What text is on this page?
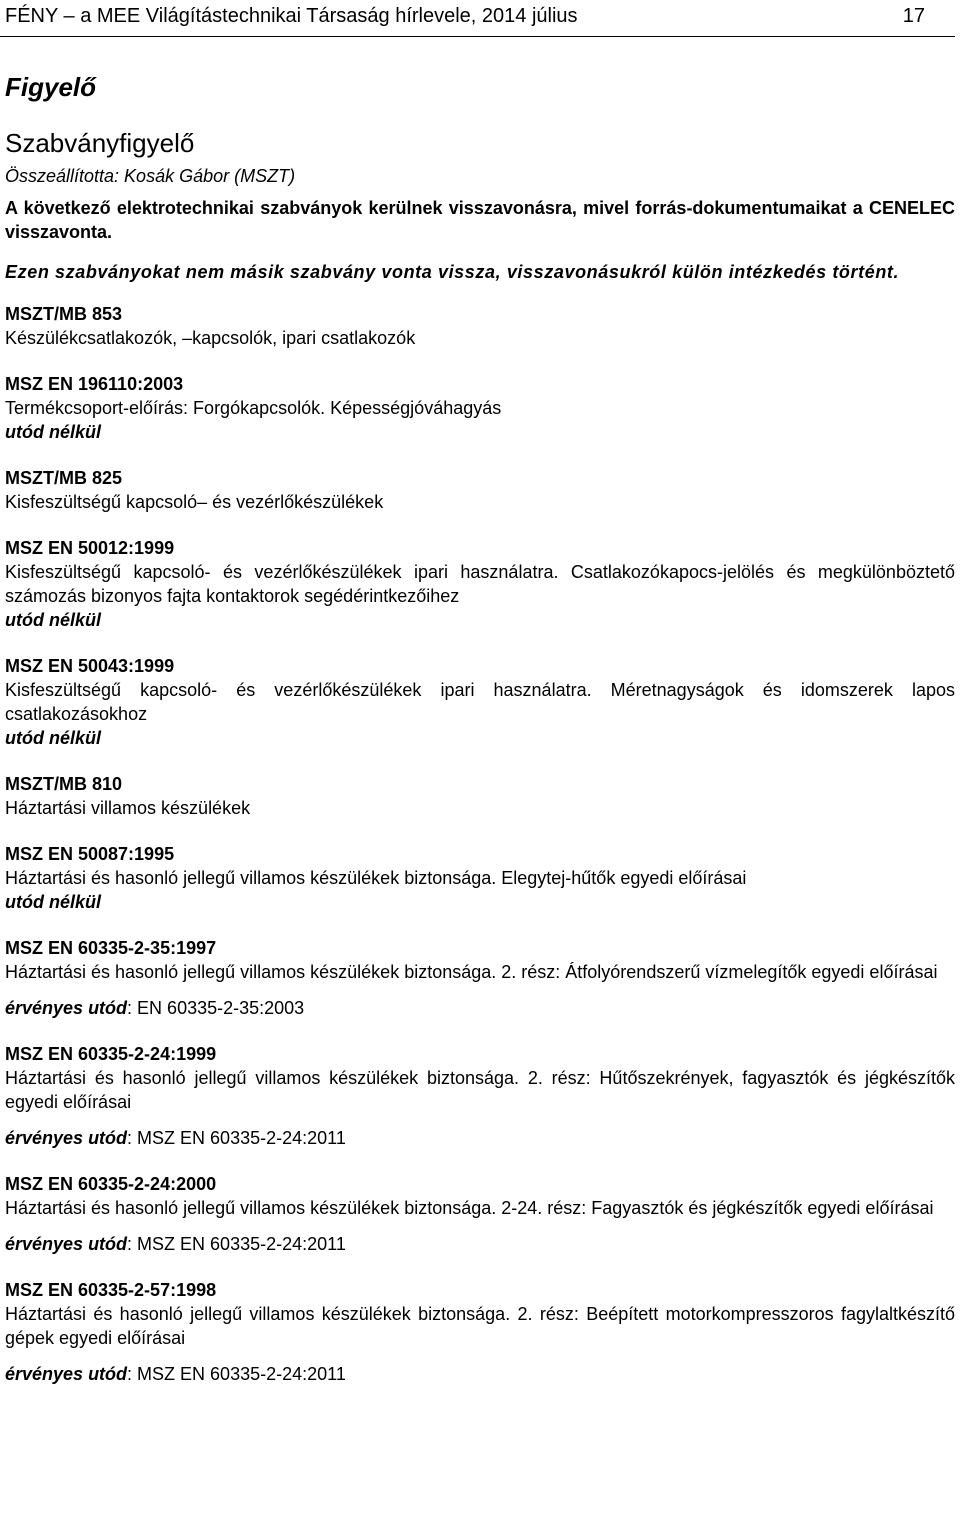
FÉNY – a MEE Világítástechnikai Társaság hírlevele, 2014 július	17
Figyelő
Szabványfigyelő
Összeállította: Kosák Gábor (MSZT)
A következő elektrotechnikai szabványok kerülnek visszavonásra, mivel forrás-dokumentumaikat a CENELEC visszavonta.
Ezen szabványokat nem másik szabvány vonta vissza, visszavonásukról külön intézkedés történt.
MSZT/MB 853
Készülékcsatlakozók, –kapcsolók, ipari csatlakozók
MSZ EN 196110:2003
Termékcsoport-előírás: Forgókapcsolók. Képességjóváhagyás
utód nélkül
MSZT/MB 825
Kisfeszültségű kapcsoló– és vezérlőkészülékek
MSZ EN 50012:1999
Kisfeszültségű kapcsoló- és vezérlőkészülékek ipari használatra. Csatlakozókapocs-jelölés és megkülönböztető számozás bizonyos fajta kontaktorok segédérintkezőihez
utód nélkül
MSZ EN 50043:1999
Kisfeszültségű kapcsoló- és vezérlőkészülékek ipari használatra. Méretnagyságok és idomszerek lapos csatlakozásokhoz
utód nélkül
MSZT/MB 810
Háztartási villamos készülékek
MSZ EN 50087:1995
Háztartási és hasonló jellegű villamos készülékek biztonsága. Elegytej-hűtők egyedi előírásai
utód nélkül
MSZ EN 60335-2-35:1997
Háztartási és hasonló jellegű villamos készülékek biztonsága. 2. rész: Átfolyórendszerű vízmelegítők egyedi előírásai
érvényes utód: EN 60335-2-35:2003
MSZ EN 60335-2-24:1999
Háztartási és hasonló jellegű villamos készülékek biztonsága. 2. rész: Hűtőszekrények, fagyasztók és jégkészítők egyedi előírásai
érvényes utód: MSZ EN 60335-2-24:2011
MSZ EN 60335-2-24:2000
Háztartási és hasonló jellegű villamos készülékek biztonsága. 2-24. rész: Fagyasztók és jégkészítők egyedi előírásai
érvényes utód: MSZ EN 60335-2-24:2011
MSZ EN 60335-2-57:1998
Háztartási és hasonló jellegű villamos készülékek biztonsága. 2. rész: Beépített motorkompresszoros fagylaltkészítő gépek egyedi előírásai
érvényes utód: MSZ EN 60335-2-24:2011
